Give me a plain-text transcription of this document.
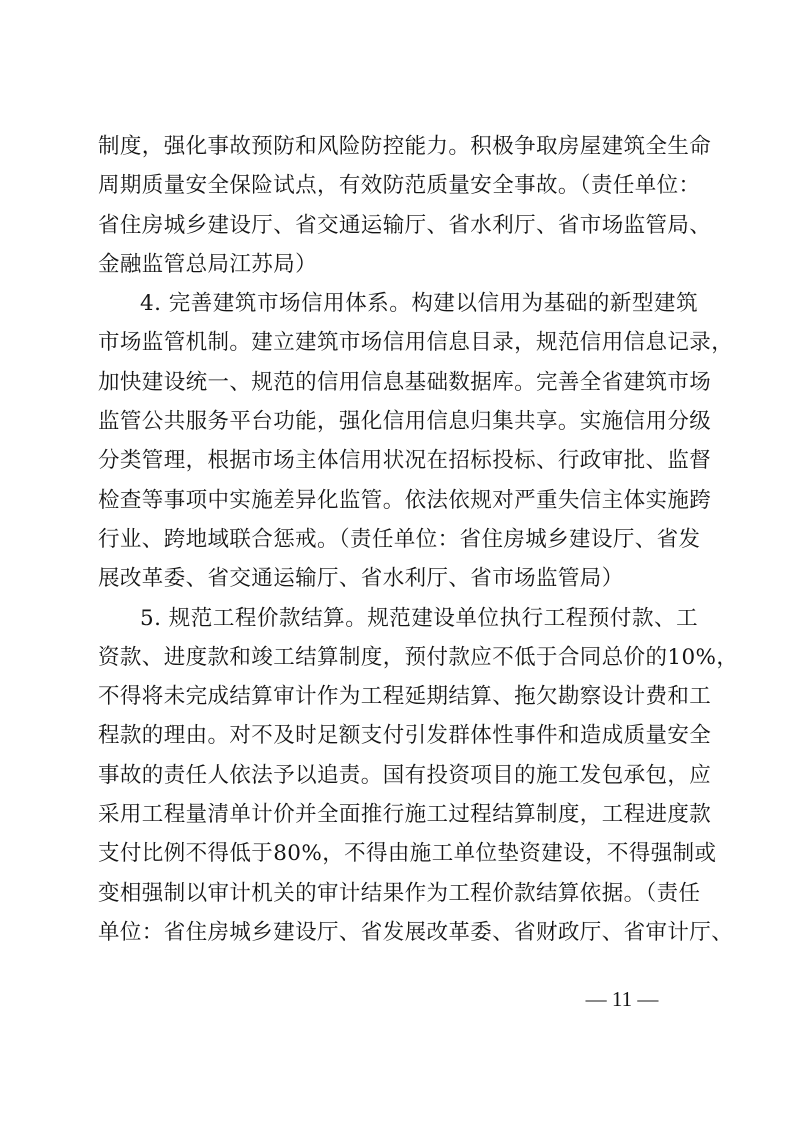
制度，强化事故预防和风险防控能力。积极争取房屋建筑全生命
周期质量安全保险试点，有效防范质量安全事故。（责任单位：
省住房城乡建设厅、省交通运输厅、省水利厅、省市场监管局、
金融监管总局江苏局）
4. 完善建筑市场信用体系。构建以信用为基础的新型建筑
市场监管机制。建立建筑市场信用信息目录，规范信用信息记录，
加快建设统一、规范的信用信息基础数据库。完善全省建筑市场
监管公共服务平台功能，强化信用信息归集共享。实施信用分级
分类管理，根据市场主体信用状况在招标投标、行政审批、监督
检查等事项中实施差异化监管。依法依规对严重失信主体实施跨
行业、跨地域联合惩戒。（责任单位：省住房城乡建设厅、省发
展改革委、省交通运输厅、省水利厅、省市场监管局）
5. 规范工程价款结算。规范建设单位执行工程预付款、工
资款、进度款和竣工结算制度，预付款应不低于合同总价的10%，
不得将未完成结算审计作为工程延期结算、拖欠勘察设计费和工
程款的理由。对不及时足额支付引发群体性事件和造成质量安全
事故的责任人依法予以追责。国有投资项目的施工发包承包，应
采用工程量清单计价并全面推行施工过程结算制度，工程进度款
支付比例不得低于80%，不得由施工单位垫资建设，不得强制或
变相强制以审计机关的审计结果作为工程价款结算依据。（责任
单位：省住房城乡建设厅、省发展改革委、省财政厅、省审计厅、
— 11 —
